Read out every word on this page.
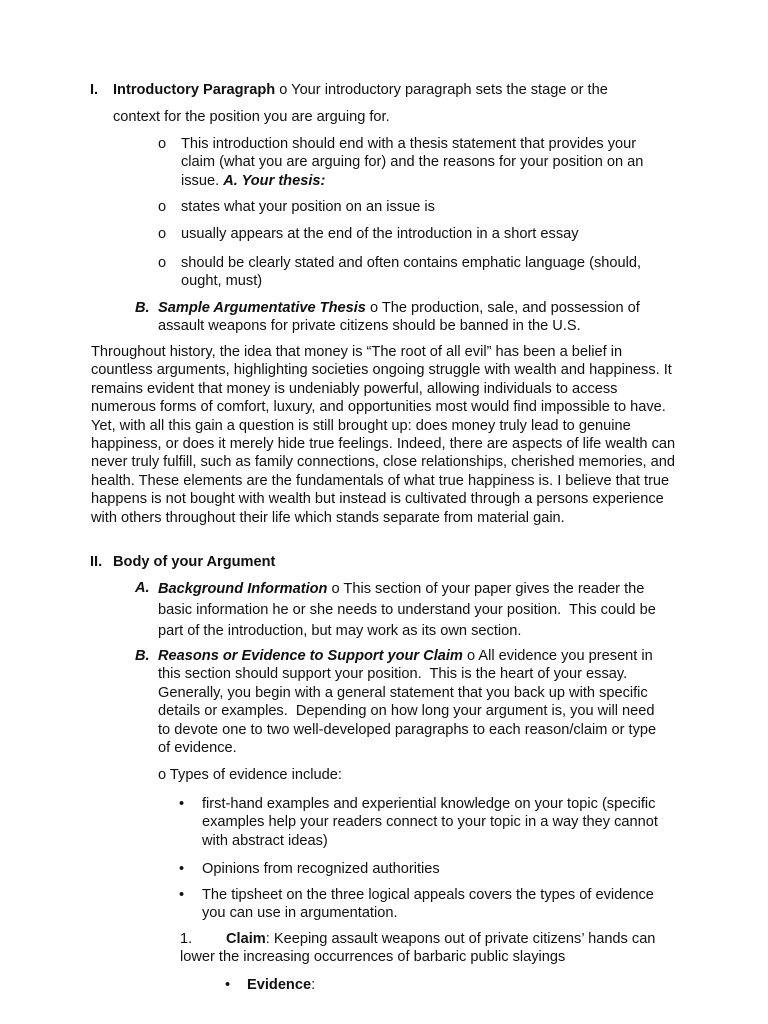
I. Introductory Paragraph o Your introductory paragraph sets the stage or the
context for the position you are arguing for.
o This introduction should end with a thesis statement that provides your claim (what you are arguing for) and the reasons for your position on an issue. A. Your thesis:
o states what your position on an issue is
o usually appears at the end of the introduction in a short essay
o should be clearly stated and often contains emphatic language (should, ought, must)
B. Sample Argumentative Thesis o The production, sale, and possession of assault weapons for private citizens should be banned in the U.S.
Throughout history, the idea that money is “The root of all evil” has been a belief in countless arguments, highlighting societies ongoing struggle with wealth and happiness. It remains evident that money is undeniably powerful, allowing individuals to access numerous forms of comfort, luxury, and opportunities most would find impossible to have. Yet, with all this gain a question is still brought up: does money truly lead to genuine happiness, or does it merely hide true feelings. Indeed, there are aspects of life wealth can never truly fulfill, such as family connections, close relationships, cherished memories, and health. These elements are the fundamentals of what true happiness is. I believe that true happens is not bought with wealth but instead is cultivated through a persons experience with others throughout their life which stands separate from material gain.
II. Body of your Argument
A. Background Information o This section of your paper gives the reader the basic information he or she needs to understand your position.  This could be part of the introduction, but may work as its own section.
B. Reasons or Evidence to Support your Claim o All evidence you present in this section should support your position.  This is the heart of your essay. Generally, you begin with a general statement that you back up with specific details or examples.  Depending on how long your argument is, you will need to devote one to two well-developed paragraphs to each reason/claim or type of evidence.
o Types of evidence include:
• first-hand examples and experiential knowledge on your topic (specific examples help your readers connect to your topic in a way they cannot with abstract ideas)
• Opinions from recognized authorities
• The tipsheet on the three logical appeals covers the types of evidence you can use in argumentation.
1.	Claim: Keeping assault weapons out of private citizens’ hands can lower the increasing occurrences of barbaric public slayings
• Evidence:
